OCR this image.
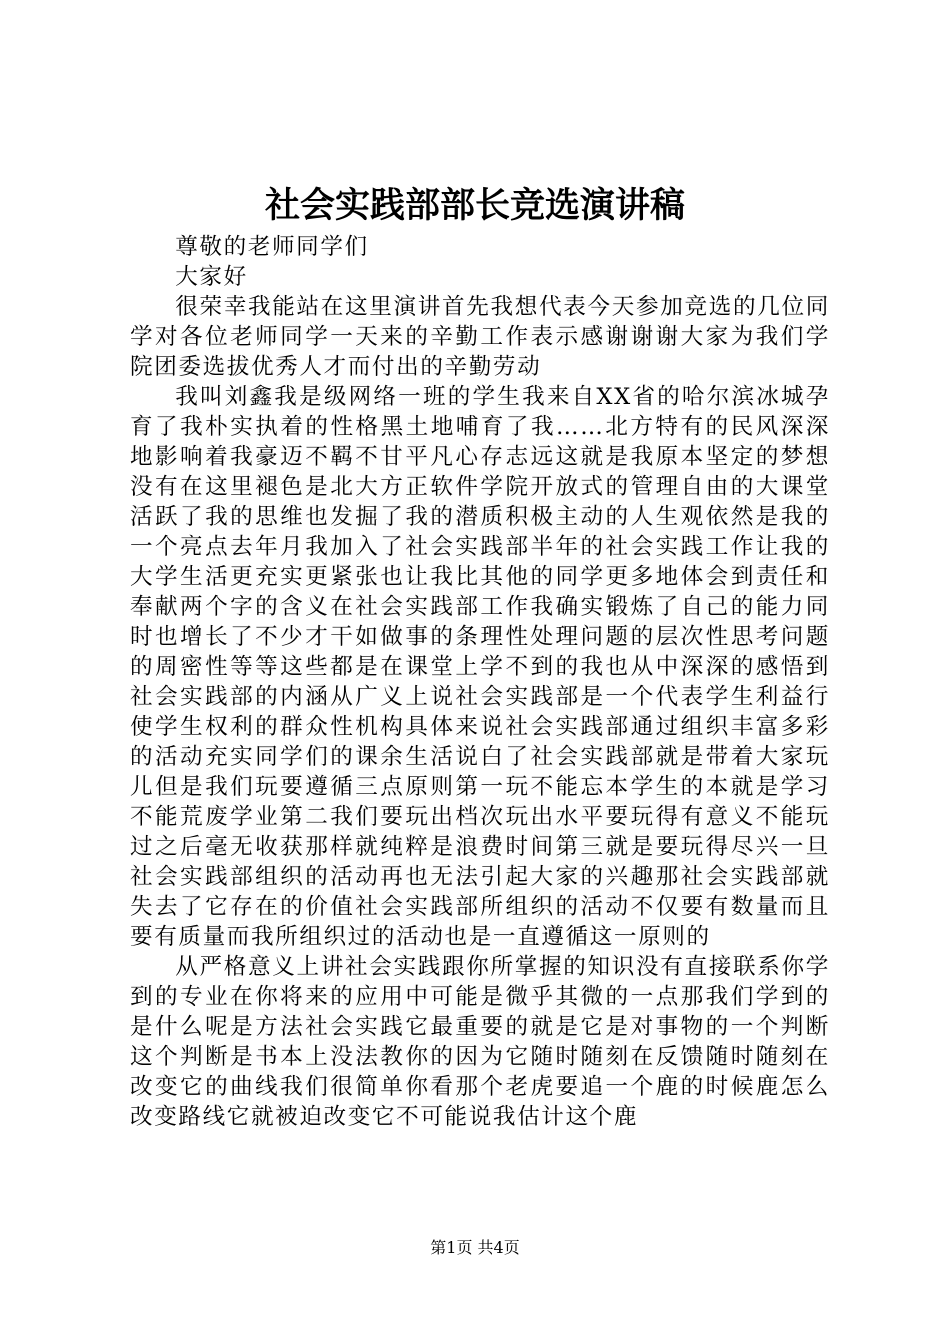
社会实践部部长竞选演讲稿

尊敬的老师同学们

大家好

很荣幸我能站在这里演讲首先我想代表今天参加竞选的几位同学对各位老师同学一天来的辛勤工作表示感谢谢谢大家为我们学院团委选拔优秀人才而付出的辛勤劳动

我叫刘鑫我是级网络一班的学生我来自XX省的哈尔滨冰城孕育了我朴实执着的性格黑土地哺育了我……北方特有的民风深深地影响着我豪迈不羁不甘平凡心存志远这就是我原本坚定的梦想没有在这里褪色是北大方正软件学院开放式的管理自由的大课堂活跃了我的思维也发掘了我的潜质积极主动的人生观依然是我的一个亮点去年月我加入了社会实践部半年的社会实践工作让我的大学生活更充实更紧张也让我比其他的同学更多地体会到责任和奉献两个字的含义在社会实践部工作我确实锻炼了自己的能力同时也增长了不少才干如做事的条理性处理问题的层次性思考问题的周密性等等这些都是在课堂上学不到的我也从中深深的感悟到社会实践部的内涵从广义上说社会实践部是一个代表学生利益行使学生权利的群众性机构具体来说社会实践部通过组织丰富多彩的活动充实同学们的课余生活说白了社会实践部就是带着大家玩儿但是我们玩要遵循三点原则第一玩不能忘本学生的本就是学习不能荒废学业第二我们要玩出档次玩出水平要玩得有意义不能玩过之后毫无收获那样就纯粹是浪费时间第三就是要玩得尽兴一旦社会实践部组织的活动再也无法引起大家的兴趣那社会实践部就失去了它存在的价值社会实践部所组织的活动不仅要有数量而且要有质量而我所组织过的活动也是一直遵循这一原则的

从严格意义上讲社会实践跟你所掌握的知识没有直接联系你学到的专业在你将来的应用中可能是微乎其微的一点那我们学到的是什么呢是方法社会实践它最重要的就是它是对事物的一个判断这个判断是书本上没法教你的因为它随时随刻在反馈随时随刻在改变它的曲线我们很简单你看那个老虎要追一个鹿的时候鹿怎么改变路线它就被迫改变它不可能说我估计这个鹿

第1页 共4页
